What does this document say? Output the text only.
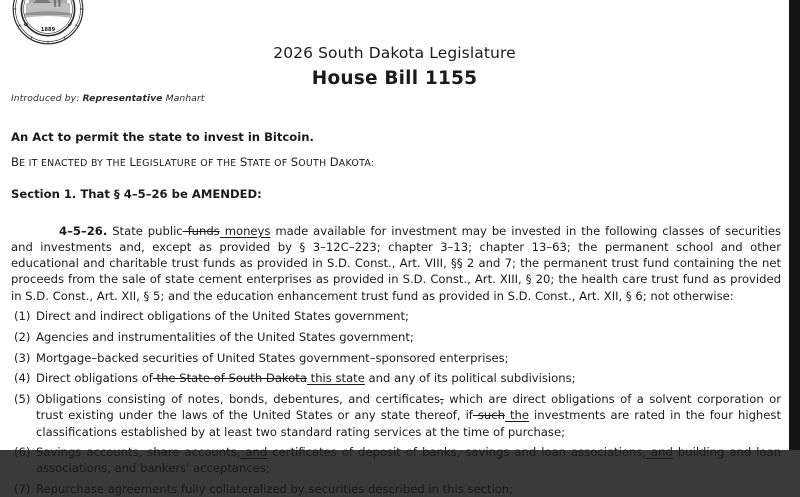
1889
G	S
2026 South Dakota Legislature
House Bill 1155
Introduced by: Representative Manhart

An Act to permit the state to invest in Bitcoin.

BE IT ENACTED BY THE LEGISLATURE OF THE STATE OF SOUTH DAKOTA:

Section 1. That § 4–5–26 be AMENDED:

4–5–26. State public funds moneys made available for investment may be invested in the following classes of securities and investments and, except as provided by § 3–12C–223; chapter 3–13; chapter 13–63; the permanent school and other educational and charitable trust funds as provided in S.D. Const., Art. VIII, §§ 2 and 7; the permanent trust fund containing the net proceeds from the sale of state cement enterprises as provided in S.D. Const., Art. XIII, § 20; the health care trust fund as provided in S.D. Const., Art. XII, § 5; and the education enhancement trust fund as provided in S.D. Const., Art. XII, § 6; not otherwise:

(1) Direct and indirect obligations of the United States government;
(2) Agencies and instrumentalities of the United States government;
(3) Mortgage–backed securities of United States government–sponsored enterprises;
(4) Direct obligations of the State of South Dakota this state and any of its political subdivisions;
(5) Obligations consisting of notes, bonds, debentures, and certificates, which are direct obligations of a solvent corporation or trust existing under the laws of the United States or any state thereof, if such the investments are rated in the four highest classifications established by at least two standard rating services at the time of purchase;
(6) Savings accounts, share accounts, and certificates of deposit of banks, savings and loan associations, and building and loan associations, and bankers' acceptances;
(7) Repurchase agreements fully collateralized by securities described in this section;
